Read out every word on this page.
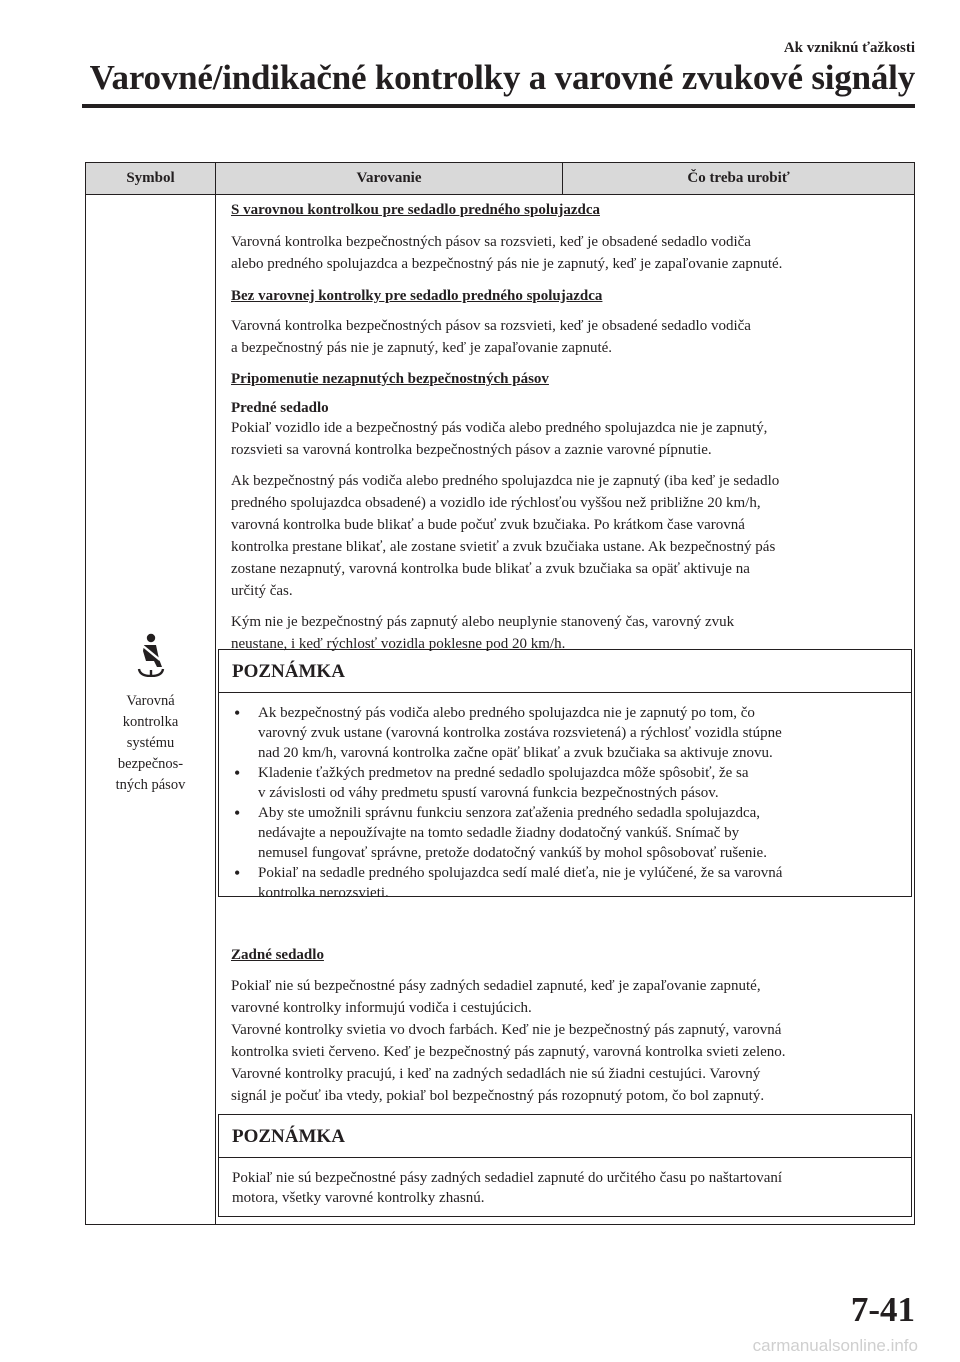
Ak vzniknú ťažkosti
Varovné/indikačné kontrolky a varovné zvukové signály
Symbol	Varovanie	Čo treba urobiť
Varovná
kontrolka
systému
bezpečnos-
tných pásov

S varovnou kontrolkou pre sedadlo predného spolujazdca

Varovná kontrolka bezpečnostných pásov sa rozsvieti, keď je obsadené sedadlo vodiča
alebo predného spolujazdca a bezpečnostný pás nie je zapnutý, keď je zapaľovanie zapnuté.

Bez varovnej kontrolky pre sedadlo predného spolujazdca

Varovná kontrolka bezpečnostných pásov sa rozsvieti, keď je obsadené sedadlo vodiča
a bezpečnostný pás nie je zapnutý, keď je zapaľovanie zapnuté.

Pripomenutie nezapnutých bezpečnostných pásov

Predné sedadlo

Pokiaľ vozidlo ide a bezpečnostný pás vodiča alebo predného spolujazdca nie je zapnutý,
rozsvieti sa varovná kontrolka bezpečnostných pásov a zaznie varovné pípnutie.

Ak bezpečnostný pás vodiča alebo predného spolujazdca nie je zapnutý (iba keď je sedadlo
predného spolujazdca obsadené) a vozidlo ide rýchlosťou vyššou než približne 20 km/h,
varovná kontrolka bude blikať a bude počuť zvuk bzučiaka. Po krátkom čase varovná
kontrolka prestane blikať, ale zostane svietiť a zvuk bzučiaka ustane. Ak bezpečnostný pás
zostane nezapnutý, varovná kontrolka bude blikať a zvuk bzučiaka sa opäť aktivuje na
určitý čas.

Kým nie je bezpečnostný pás zapnutý alebo neuplynie stanovený čas, varovný zvuk
neustane, i keď rýchlosť vozidla poklesne pod 20 km/h.

POZNÁMKA
• Ak bezpečnostný pás vodiča alebo predného spolujazdca nie je zapnutý po tom, čo
varovný zvuk ustane (varovná kontrolka zostáva rozsvietená) a rýchlosť vozidla stúpne
nad 20 km/h, varovná kontrolka začne opäť blikať a zvuk bzučiaka sa aktivuje znovu.
• Kladenie ťažkých predmetov na predné sedadlo spolujazdca môže spôsobiť, že sa
v závislosti od váhy predmetu spustí varovná funkcia bezpečnostných pásov.
• Aby ste umožnili správnu funkciu senzora zaťaženia predného sedadla spolujazdca,
nedávajte a nepoužívajte na tomto sedadle žiadny dodatočný vankúš. Snímač by
nemusel fungovať správne, pretože dodatočný vankúš by mohol spôsobovať rušenie.
• Pokiaľ na sedadle predného spolujazdca sedí malé dieťa, nie je vylúčené, že sa varovná
kontrolka nerozsvieti.

Zadné sedadlo

Pokiaľ nie sú bezpečnostné pásy zadných sedadiel zapnuté, keď je zapaľovanie zapnuté,
varovné kontrolky informujú vodiča i cestujúcich.
Varovné kontrolky svietia vo dvoch farbách. Keď nie je bezpečnostný pás zapnutý, varovná
kontrolka svieti červeno. Keď je bezpečnostný pás zapnutý, varovná kontrolka svieti zeleno.
Varovné kontrolky pracujú, i keď na zadných sedadlách nie sú žiadni cestujúci. Varovný
signál je počuť iba vtedy, pokiaľ bol bezpečnostný pás rozopnutý potom, čo bol zapnutý.

POZNÁMKA
Pokiaľ nie sú bezpečnostné pásy zadných sedadiel zapnuté do určitého času po naštartovaní
motora, všetky varovné kontrolky zhasnú.
7-41
carmanualsonline.info
